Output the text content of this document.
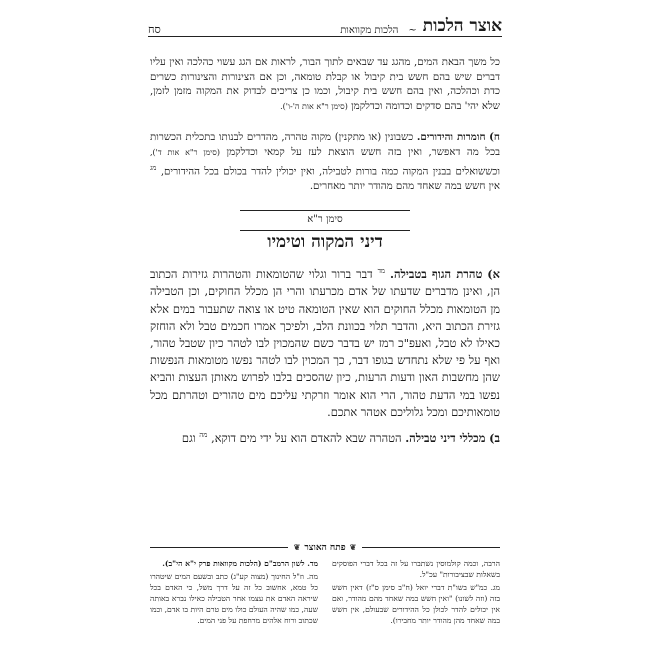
אוצר הלכות
~
הלכות מקוואות
סח

כל משך הבאת המים, מהגג עד שבאים לתוך הבור, לראות אם הגג עשוי כהלכה ואין עליו דברים שיש בהם חשש בית קיבול או קבלת טומאה, וכן אם הצינורות והצינורות כשרים כדת וכהלכה, ואין בהם חשש בית קיבול, וכמו כן צריכים לבדוק את המקוה מזמן לזמן, שלא יהי' בהם סדקים וכדומה וכדלקמן (סימן ר"א אות ה'-ו').

ח) חומרות והידורים. כשבונין (או מתקנין) מקוה טהרה, מהדרים לבנותו בתכלית הכשרות בכל מה דאפשר, ואין בזה חשש הוצאת לעז על קמאי וכדלקמן (סימן ר"א אות ד'), וכששואלים בבנין המקוה כמה בורות לטבילה, ואין יכולין להדר בכולם בכל ההידורים, $^{מג}$ אין חשש במה שאחד מהם מהודר יותר מאחרים.

סימן ר"א
דיני המקוה וטימיו

א) טהרת הגוף בטבילה. $^{מד}$ דבר ברור וגלוי שהטומאות והטהרות גזירות הכתוב הן, ואינן מדברים שדעתו של אדם מכרעתו והרי הן מכלל החוקים, וכן הטבילה מן הטומאות מכלל החוקים הוא שאין הטומאה טיט או צואה שתעבור במים אלא גזירת הכתוב היא, והדבר תלוי בכוונת הלב, ולפיכך אמרו חכמים טבל ולא הוחזק כאילו לא טבל, ואעפ"כ רמז יש בדבר כשם שהמכוין לבו לטהר כיון שטבל טהור, ואף על פי שלא נתחדש בגופו דבר, כך המכוין לבו לטהר נפשו מטומאות הנפשות שהן מחשבות האון ודעות הרעות, כיון שהסכים בלבו לפרוש מאותן העצות והביא נפשו במי הדעת טהור, הרי הוא אומר וזרקתי עליכם מים טהורים וטהרתם מכל טומאותיכם ומכל גלוליכם אטהר אתכם.

ב) מכללי דיני טבילה. הטהרה שבא להאדם הוא על ידי מים דוקא, $^{מה}$ וגם

❦
פתח האוצר
❦

הרבה, וכמה קולמוסין נשתברו על זה בכל דברי הפוסקים בשאלות שבציבורות" עכ"ל.

מג. כמ"ש בשו"ת דברי יואל (ח"ב סימן ס"ז) דאין חשש בזה (וזה לשונו) "ואין חשש במה שאחד מהם מהודר, ואם אין יכולים להדר לכולן כל ההידורים שבעולם, אין חשש במה שאחד מהן מהודר יותר מחבירו).

מד. לשון הרמב"ם (הלכות מקוואות פרק י"א הי"ב).

מה. וז"ל החינוך (מצוה קע"ג) כתב ובשעם המים שיטהרו כל טמא, אחשוב כל זה על דרך משל, כי האדם בכל שיראה האדם את עצמו אחר הטבילה כאילו נברא באותה שעה, כמו שהיה העולם כולו מים טרם היות בו אדם, וכמו שכתוב ורוח אלהים מרחפת על פני המים.
